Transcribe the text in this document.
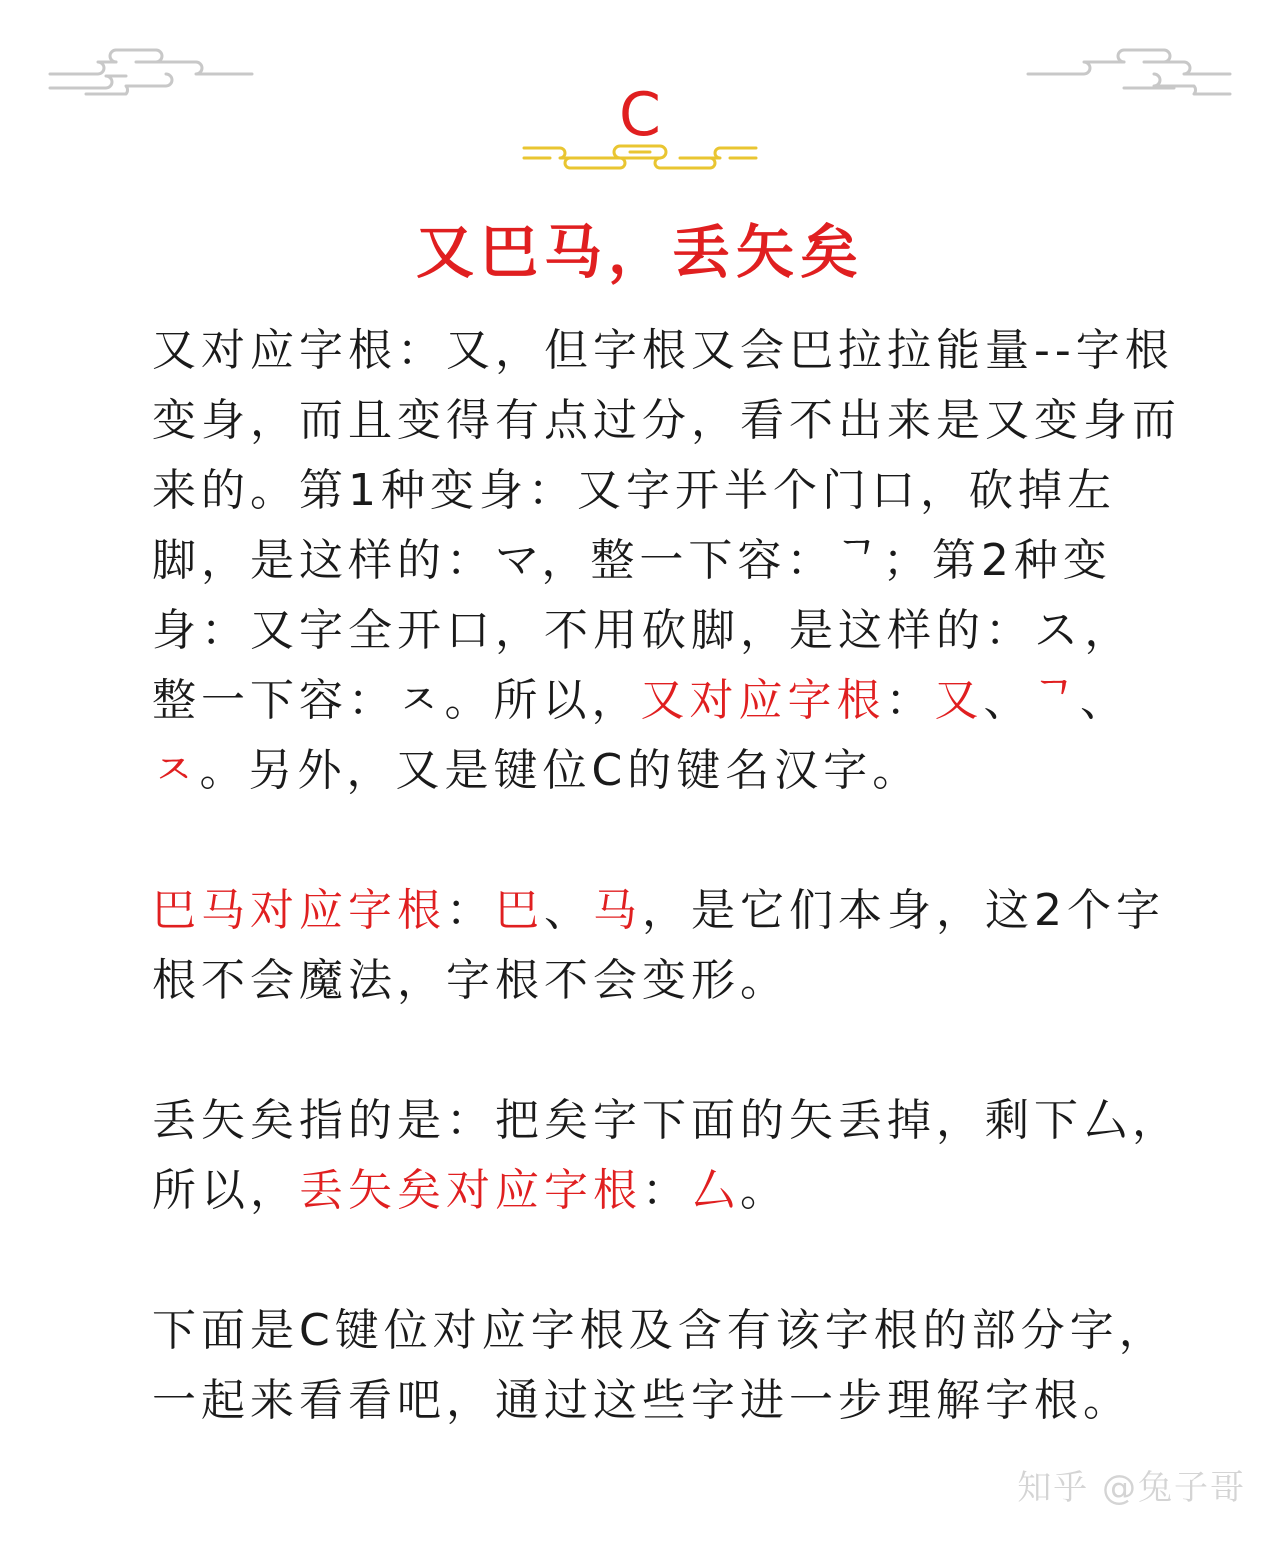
C
又巴马，丢矢矣

又对应字根：又，但字根又会巴拉拉能量--字根变身，而且变得有点过分，看不出来是又变身而来的。第1种变身：又字开半个门口，砍掉左脚，是这样的：マ，整一下容：ᄀ；第2种变身：又字全开口，不用砍脚，是这样的：ス，整一下容：ㅈ。所以，又对应字根：又、ᄀ、ㅈ。另外，又是键位C的键名汉字。

巴马对应字根：巴、马，是它们本身，这2个字根不会魔法，字根不会变形。

丢矢矣指的是：把矣字下面的矢丢掉，剩下厶，所以，丢矢矣对应字根：厶。

下面是C键位对应字根及含有该字根的部分字，一起来看看吧，通过这些字进一步理解字根。

知乎 @兔子哥
